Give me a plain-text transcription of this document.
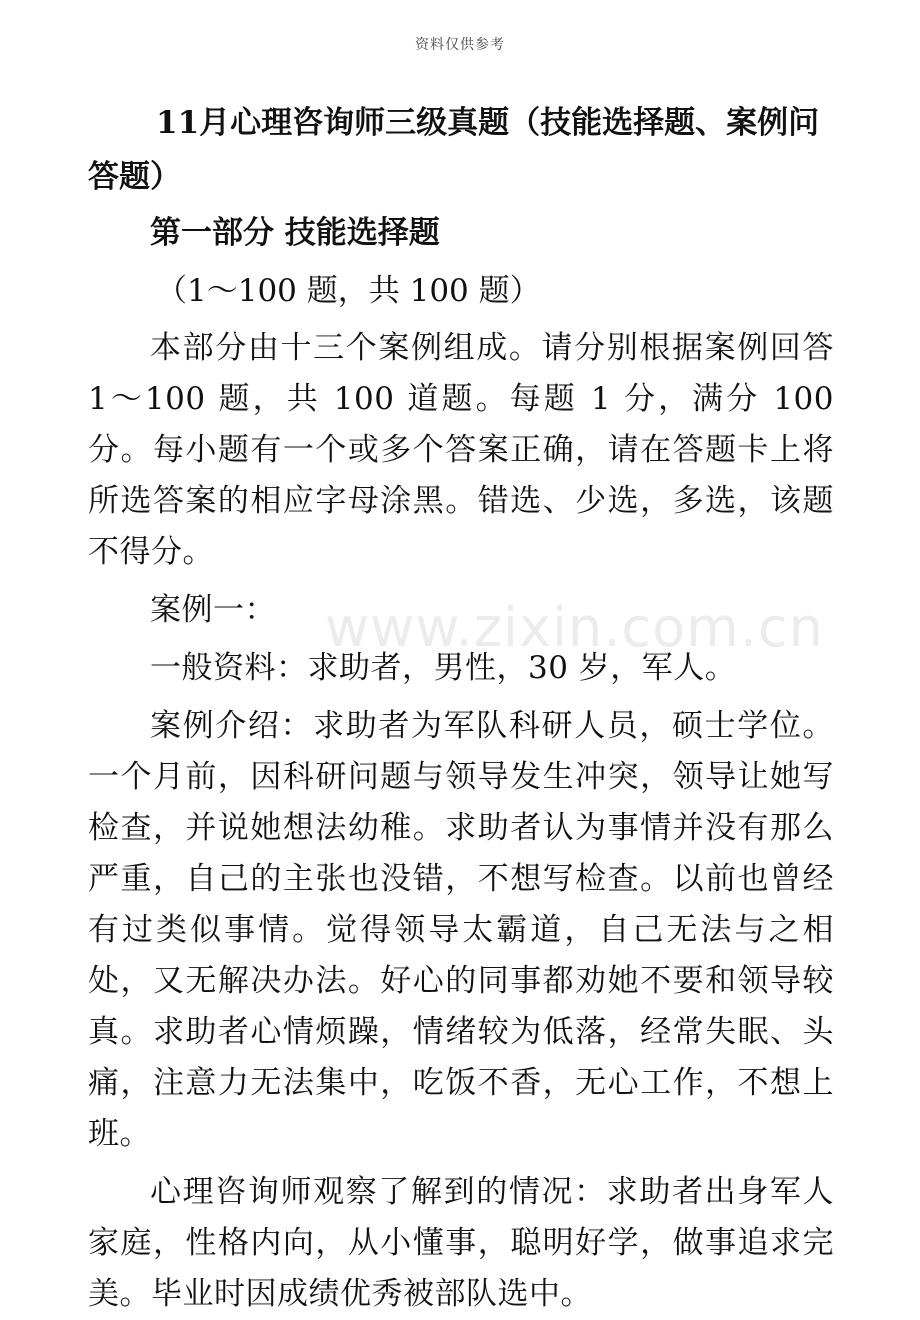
资料仅供参考

11月心理咨询师三级真题（技能选择题、案例问答题）

第一部分 技能选择题

（1～100 题，共 100 题）

本部分由十三个案例组成。请分别根据案例回答 1～100 题，共 100 道题。每题 1 分，满分 100 分。每小题有一个或多个答案正确，请在答题卡上将所选答案的相应字母涂黑。错选、少选，多选，该题不得分。

案例一：

一般资料：求助者，男性，30 岁，军人。

案例介绍：求助者为军队科研人员，硕士学位。一个月前，因科研问题与领导发生冲突，领导让她写检查，并说她想法幼稚。求助者认为事情并没有那么严重，自己的主张也没错，不想写检查。以前也曾经有过类似事情。觉得领导太霸道，自己无法与之相处，又无解决办法。好心的同事都劝她不要和领导较真。求助者心情烦躁，情绪较为低落，经常失眠、头痛，注意力无法集中，吃饭不香，无心工作，不想上班。

心理咨询师观察了解到的情况：求助者出身军人家庭，性格内向，从小懂事，聪明好学，做事追求完美。毕业时因成绩优秀被部队选中。

www.zixin.com.cn
